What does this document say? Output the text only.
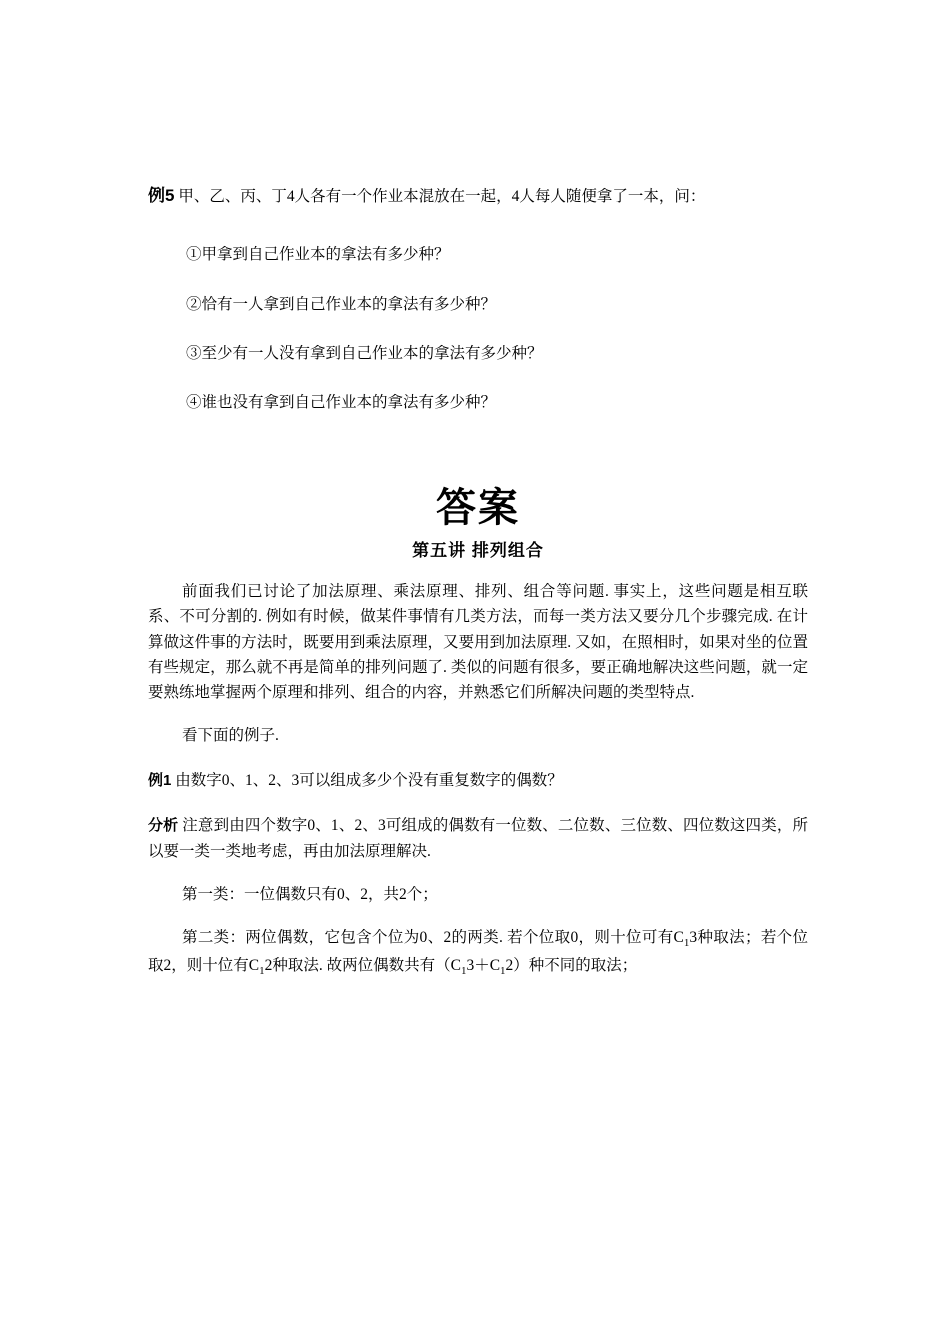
例5 甲、乙、丙、丁4人各有一个作业本混放在一起，4人每人随便拿了一本，问：

①甲拿到自己作业本的拿法有多少种？

②恰有一人拿到自己作业本的拿法有多少种？

③至少有一人没有拿到自己作业本的拿法有多少种？

④谁也没有拿到自己作业本的拿法有多少种？

答案
第五讲 排列组合

前面我们已讨论了加法原理、乘法原理、排列、组合等问题. 事实上，这些问题是相互联系、不可分割的. 例如有时候，做某件事情有几类方法，而每一类方法又要分几个步骤完成. 在计算做这件事的方法时，既要用到乘法原理，又要用到加法原理. 又如，在照相时，如果对坐的位置有些规定，那么就不再是简单的排列问题了. 类似的问题有很多，要正确地解决这些问题，就一定要熟练地掌握两个原理和排列、组合的内容，并熟悉它们所解决问题的类型特点.

看下面的例子.

例1 由数字0、1、2、3可以组成多少个没有重复数字的偶数？

分析 注意到由四个数字0、1、2、3可组成的偶数有一位数、二位数、三位数、四位数这四类，所以要一类一类地考虑，再由加法原理解决.

第一类：一位偶数只有0、2，共2个；

第二类：两位偶数，它包含个位为0、2的两类. 若个位取0，则十位可有$C_13$种取法；若个位取2，则十位有$C_12$种取法. 故两位偶数共有$(C_13+C_12)$种不同的取法；
